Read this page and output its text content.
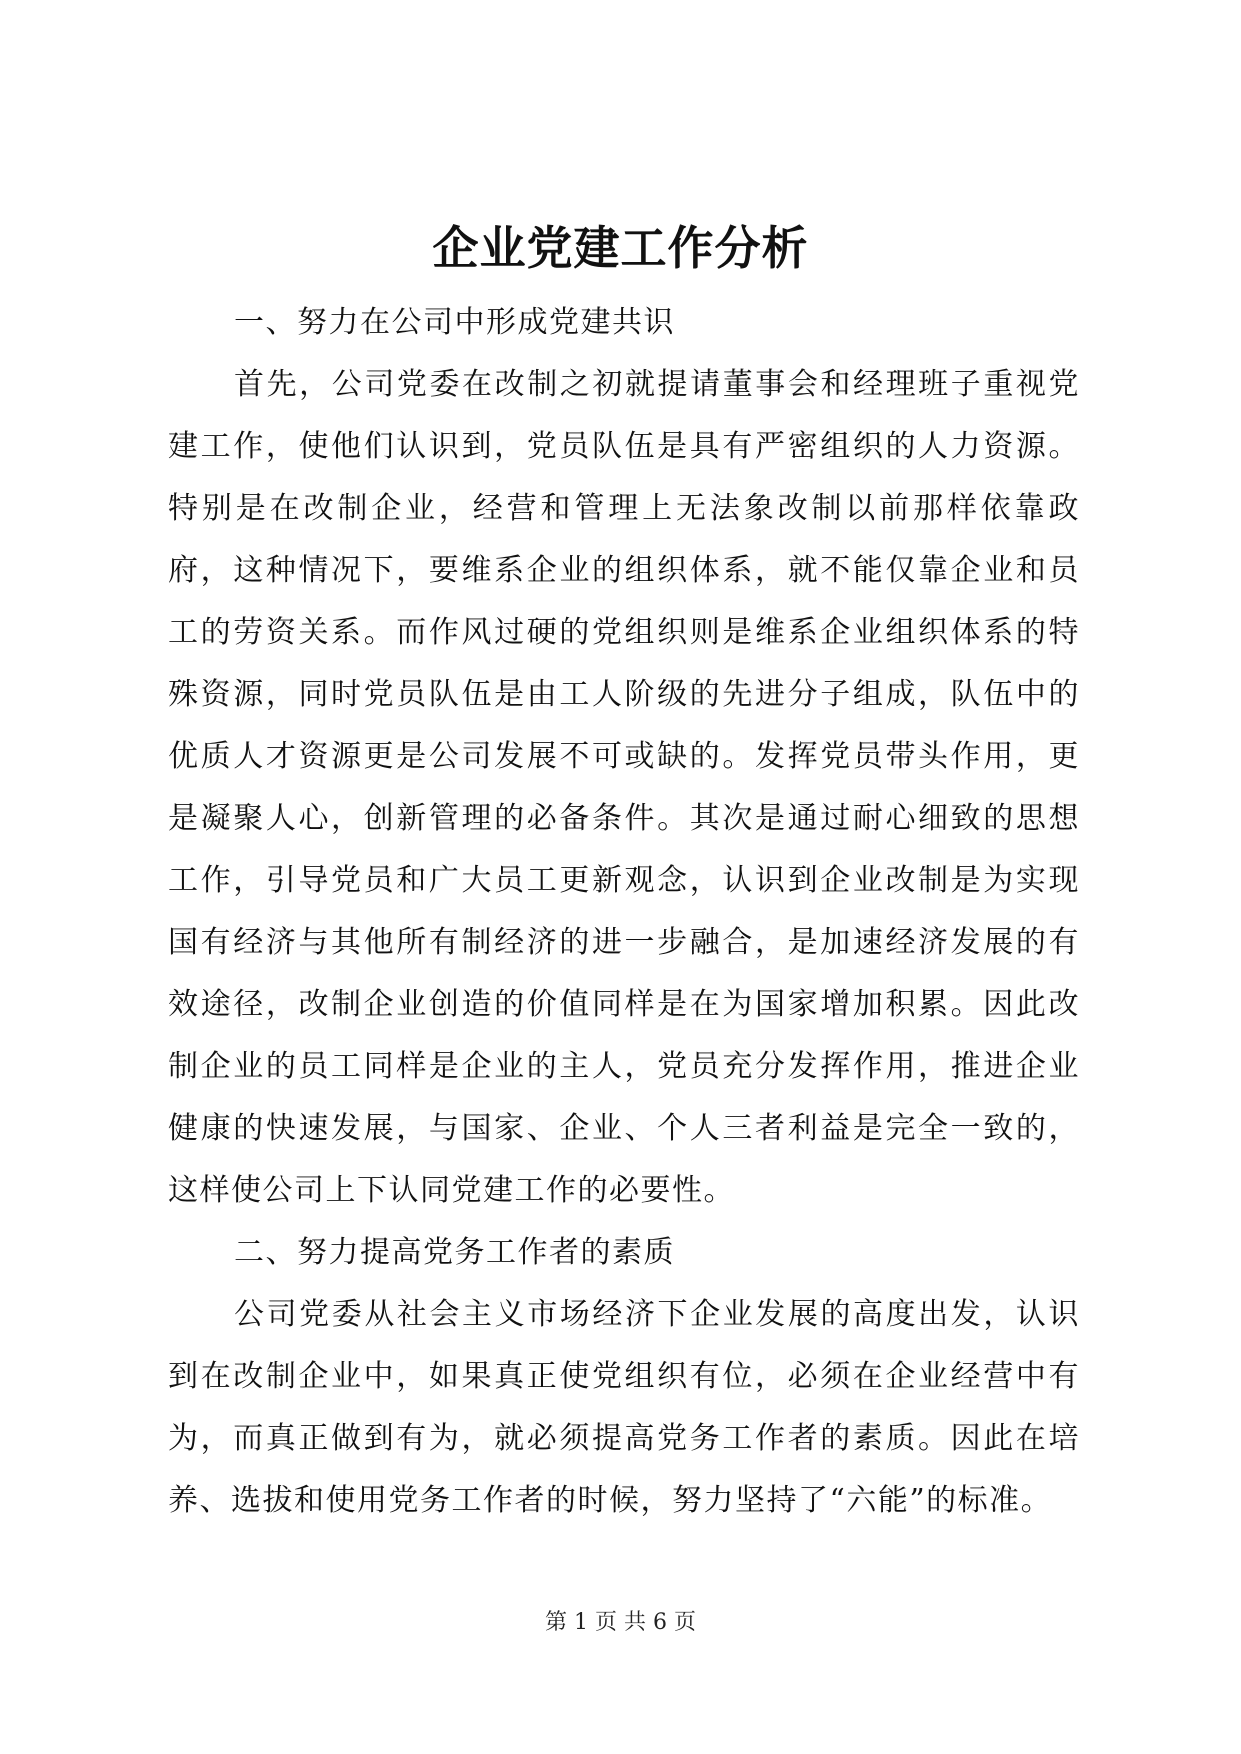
企业党建工作分析

一、努力在公司中形成党建共识

首先，公司党委在改制之初就提请董事会和经理班子重视党建工作，使他们认识到，党员队伍是具有严密组织的人力资源。特别是在改制企业，经营和管理上无法象改制以前那样依靠政府，这种情况下，要维系企业的组织体系，就不能仅靠企业和员工的劳资关系。而作风过硬的党组织则是维系企业组织体系的特殊资源，同时党员队伍是由工人阶级的先进分子组成，队伍中的优质人才资源更是公司发展不可或缺的。发挥党员带头作用，更是凝聚人心，创新管理的必备条件。其次是通过耐心细致的思想工作，引导党员和广大员工更新观念，认识到企业改制是为实现国有经济与其他所有制经济的进一步融合，是加速经济发展的有效途径，改制企业创造的价值同样是在为国家增加积累。因此改制企业的员工同样是企业的主人，党员充分发挥作用，推进企业健康的快速发展，与国家、企业、个人三者利益是完全一致的，这样使公司上下认同党建工作的必要性。

二、努力提高党务工作者的素质

公司党委从社会主义市场经济下企业发展的高度出发，认识到在改制企业中，如果真正使党组织有位，必须在企业经营中有为，而真正做到有为，就必须提高党务工作者的素质。因此在培养、选拔和使用党务工作者的时候，努力坚持了“六能”的标准。

第 1 页 共 6 页
